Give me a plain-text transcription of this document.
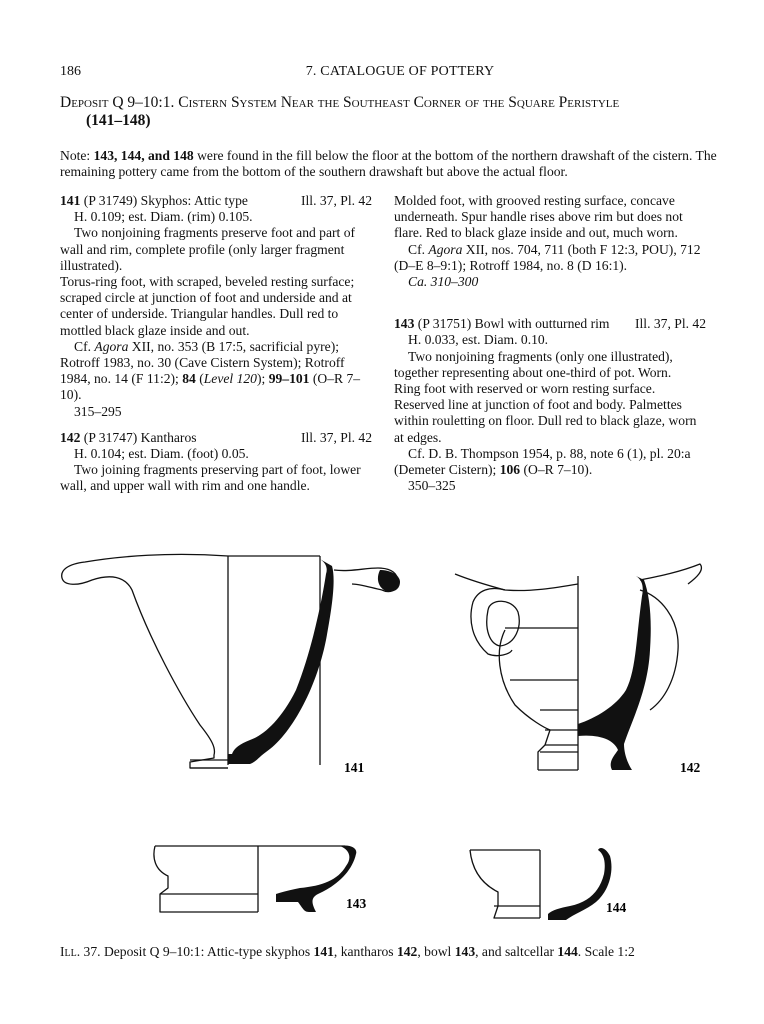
186	7. CATALOGUE OF POTTERY
Deposit Q 9–10:1. Cistern System Near the Southeast Corner of the Square Peristyle
(141–148)
Note: 143, 144, and 148 were found in the fill below the floor at the bottom of the northern drawshaft of the cistern. The remaining pottery came from the bottom of the southern drawshaft but above the actual floor.
141 (P 31749) Skyphos: Attic type	Ill. 37, Pl. 42
H. 0.109; est. Diam. (rim) 0.105.
Two nonjoining fragments preserve foot and part of wall and rim, complete profile (only larger fragment illustrated).
Torus-ring foot, with scraped, beveled resting surface; scraped circle at junction of foot and underside and at center of underside. Triangular handles. Dull red to mottled black glaze inside and out.
Cf. Agora XII, no. 353 (B 17:5, sacrificial pyre); Rotroff 1983, no. 30 (Cave Cistern System); Rotroff 1984, no. 14 (F 11:2); 84 (Level 120); 99–101 (O–R 7–10).
315–295
142 (P 31747) Kantharos	Ill. 37, Pl. 42
H. 0.104; est. Diam. (foot) 0.05.
Two joining fragments preserving part of foot, lower wall, and upper wall with rim and one handle.
Molded foot, with grooved resting surface, concave underneath. Spur handle rises above rim but does not flare. Red to black glaze inside and out, much worn.
Cf. Agora XII, nos. 704, 711 (both F 12:3, POU), 712 (D–E 8–9:1); Rotroff 1984, no. 8 (D 16:1).
Ca. 310–300
143 (P 31751) Bowl with outturned rim Ill. 37, Pl. 42
H. 0.033, est. Diam. 0.10.
Two nonjoining fragments (only one illustrated), together representing about one-third of pot. Worn.
Ring foot with reserved or worn resting surface. Reserved line at junction of foot and body. Palmettes within rouletting on floor. Dull red to black glaze, worn at edges.
Cf. D. B. Thompson 1954, p. 88, note 6 (1), pl. 20:a (Demeter Cistern); 106 (O–R 7–10).
350–325
141	142
143	144
Ill. 37. Deposit Q 9–10:1: Attic-type skyphos 141, kantharos 142, bowl 143, and saltcellar 144. Scale 1:2
